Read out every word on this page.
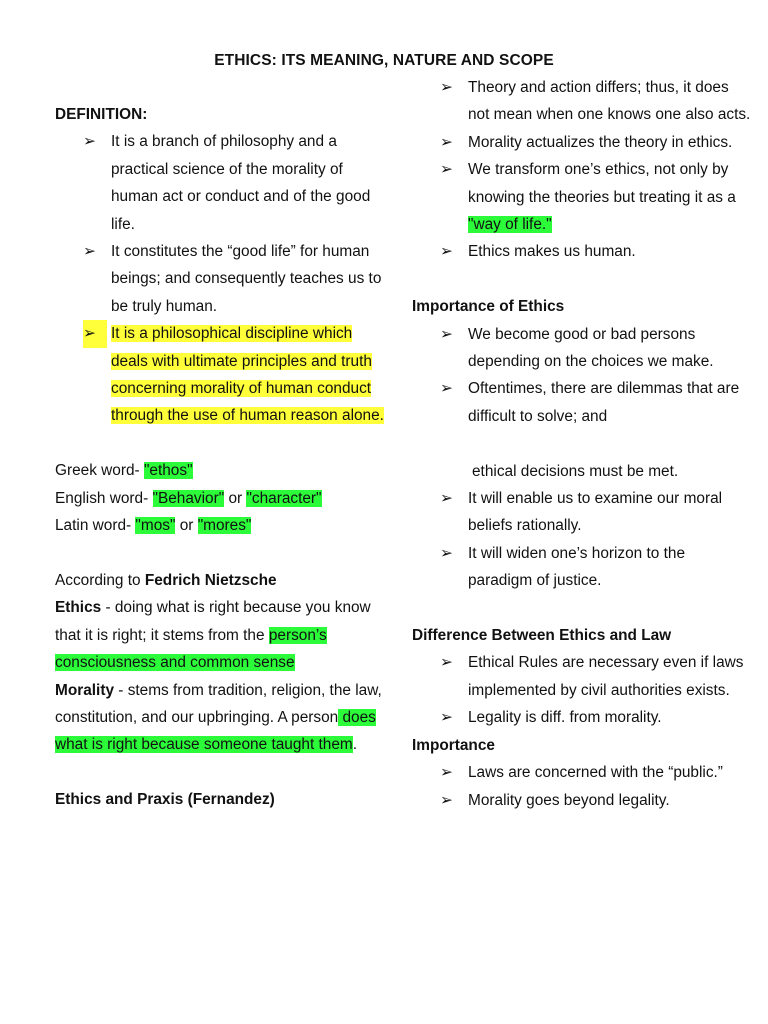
ETHICS: ITS MEANING, NATURE AND SCOPE

DEFINITION:

➢ It is a branch of philosophy and a practical science of the morality of human act or conduct and of the good life.
➢ It constitutes the “good life” for human beings; and consequently teaches us to be truly human.
➢ It is a philosophical discipline which deals with ultimate principles and truth concerning morality of human conduct through the use of human reason alone.

Greek word- "ethos"

English word- "Behavior" or "character"

Latin word- "mos" or "mores"

According to Fedrich Nietzsche

Ethics - doing what is right because you know that it is right; it stems from the person’s consciousness and common sense

Morality - stems from tradition, religion, the law, constitution, and our upbringing. A person does what is right because someone taught them.

Ethics and Praxis (Fernandez)

➢ Theory and action differs; thus, it does not mean when one knows one also acts.
➢ Morality actualizes the theory in ethics.
➢ We transform one’s ethics, not only by knowing the theories but treating it as a "way of life."
➢ Ethics makes us human.

Importance of Ethics

➢ We become good or bad persons depending on the choices we make.
➢ Oftentimes, there are dilemmas that are difficult to solve; and

ethical decisions must be met.

➢ It will enable us to examine our moral beliefs rationally.
➢ It will widen one’s horizon to the paradigm of justice.

Difference Between Ethics and Law

➢ Ethical Rules are necessary even if laws implemented by civil authorities exists.
➢ Legality is diff. from morality.

Importance

➢ Laws are concerned with the “public.”
➢ Morality goes beyond legality.
